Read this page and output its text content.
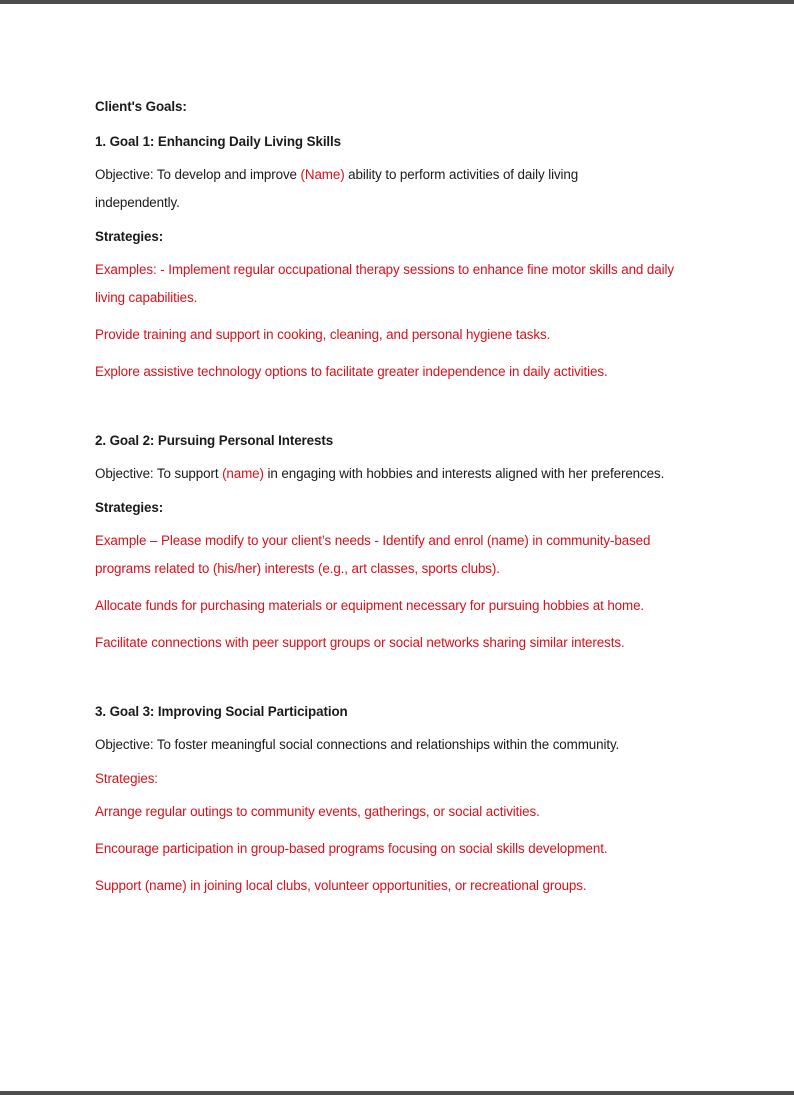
Client's Goals:

1. Goal 1: Enhancing Daily Living Skills

Objective: To develop and improve (Name) ability to perform activities of daily living independently.

Strategies:

Examples: - Implement regular occupational therapy sessions to enhance fine motor skills and daily living capabilities.

Provide training and support in cooking, cleaning, and personal hygiene tasks.

Explore assistive technology options to facilitate greater independence in daily activities.

2. Goal 2: Pursuing Personal Interests

Objective: To support (name) in engaging with hobbies and interests aligned with her preferences.

Strategies:

Example – Please modify to your client’s needs - Identify and enrol (name) in community-based programs related to (his/her) interests (e.g., art classes, sports clubs).

Allocate funds for purchasing materials or equipment necessary for pursuing hobbies at home.

Facilitate connections with peer support groups or social networks sharing similar interests.

3. Goal 3: Improving Social Participation

Objective: To foster meaningful social connections and relationships within the community.

Strategies:

Arrange regular outings to community events, gatherings, or social activities.

Encourage participation in group-based programs focusing on social skills development.

Support (name) in joining local clubs, volunteer opportunities, or recreational groups.
